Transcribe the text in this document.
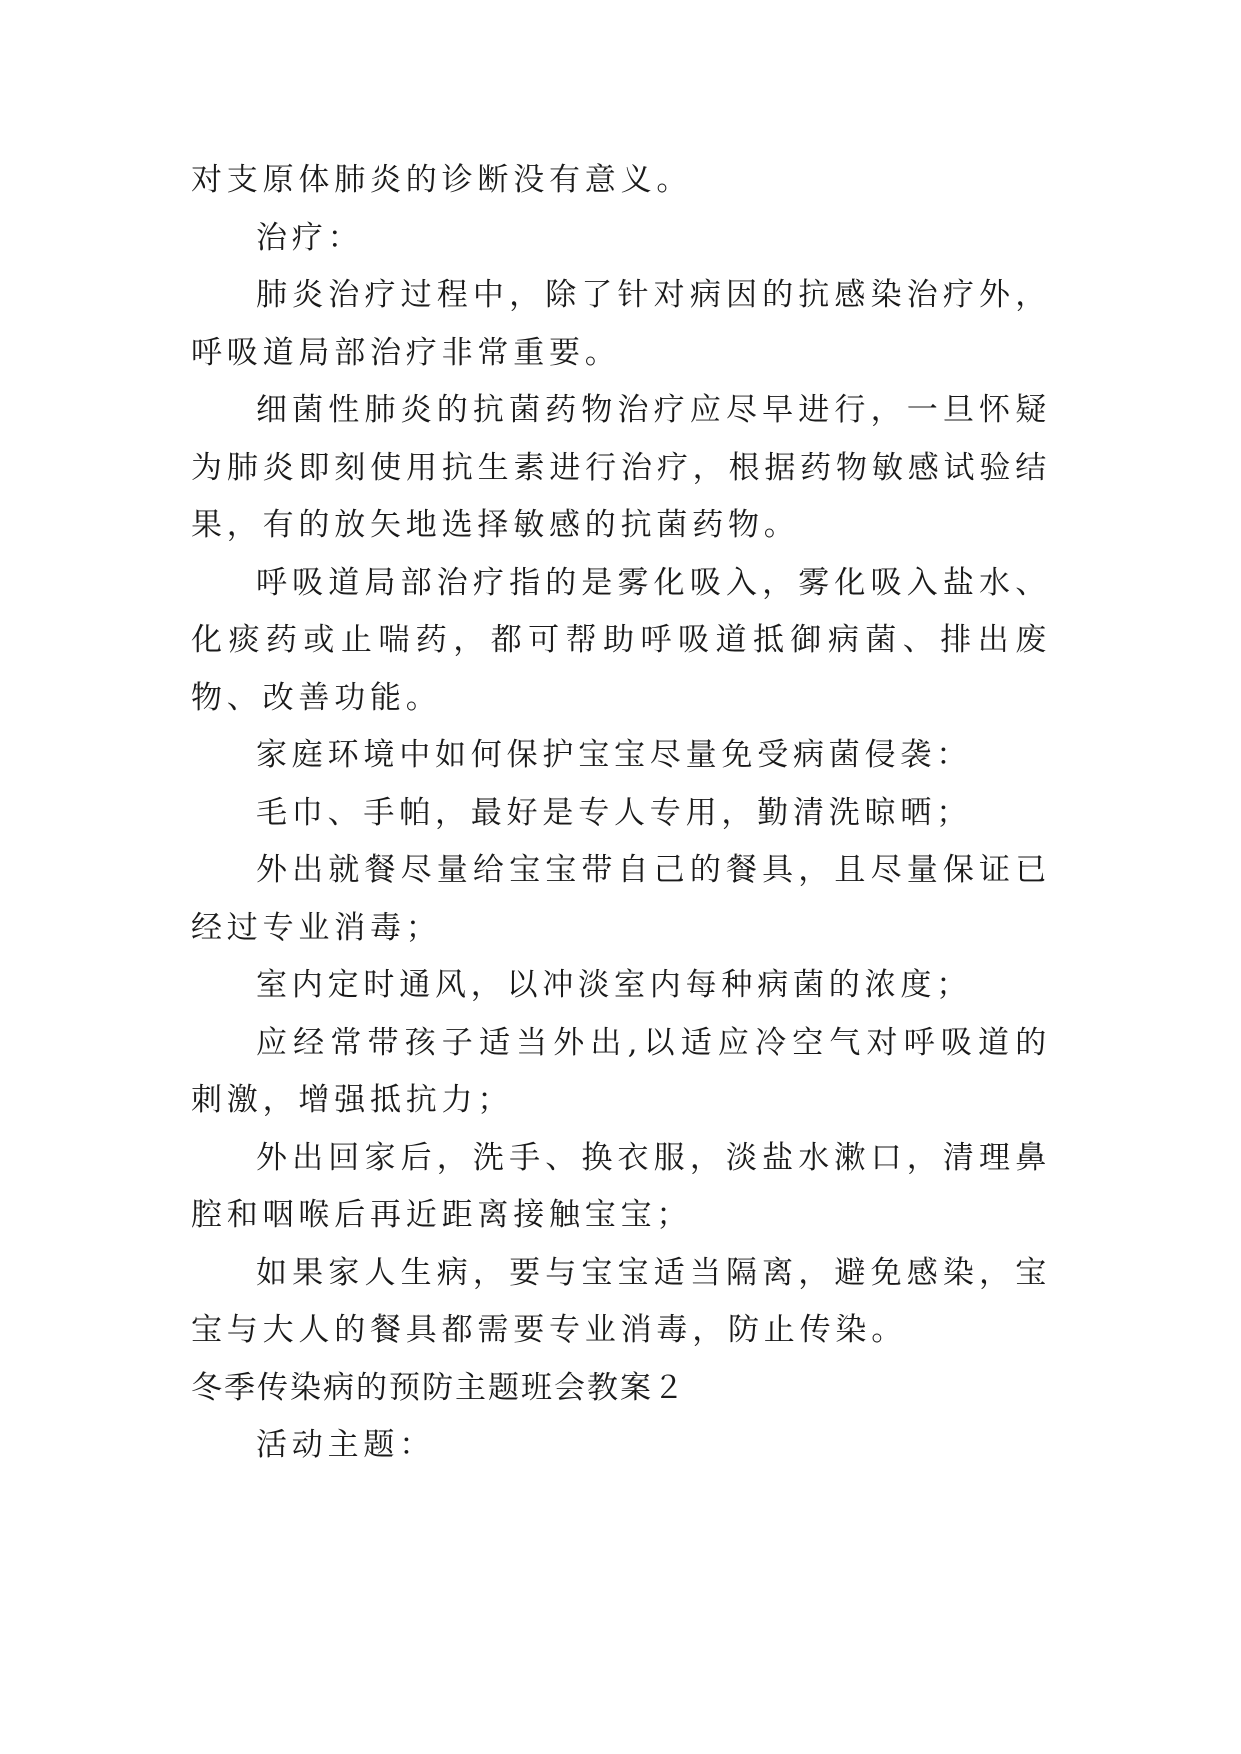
对支原体肺炎的诊断没有意义。

治疗：

肺炎治疗过程中，除了针对病因的抗感染治疗外，呼吸道局部治疗非常重要。

细菌性肺炎的抗菌药物治疗应尽早进行，一旦怀疑为肺炎即刻使用抗生素进行治疗，根据药物敏感试验结果，有的放矢地选择敏感的抗菌药物。

呼吸道局部治疗指的是雾化吸入，雾化吸入盐水、化痰药或止喘药，都可帮助呼吸道抵御病菌、排出废物、改善功能。

家庭环境中如何保护宝宝尽量免受病菌侵袭：

毛巾、手帕，最好是专人专用，勤清洗晾晒；

外出就餐尽量给宝宝带自己的餐具，且尽量保证已经过专业消毒；

室内定时通风，以冲淡室内每种病菌的浓度；

应经常带孩子适当外出,以适应冷空气对呼吸道的刺激，增强抵抗力；

外出回家后，洗手、换衣服，淡盐水漱口，清理鼻腔和咽喉后再近距离接触宝宝；

如果家人生病，要与宝宝适当隔离，避免感染，宝宝与大人的餐具都需要专业消毒，防止传染。

冬季传染病的预防主题班会教案２

活动主题：
